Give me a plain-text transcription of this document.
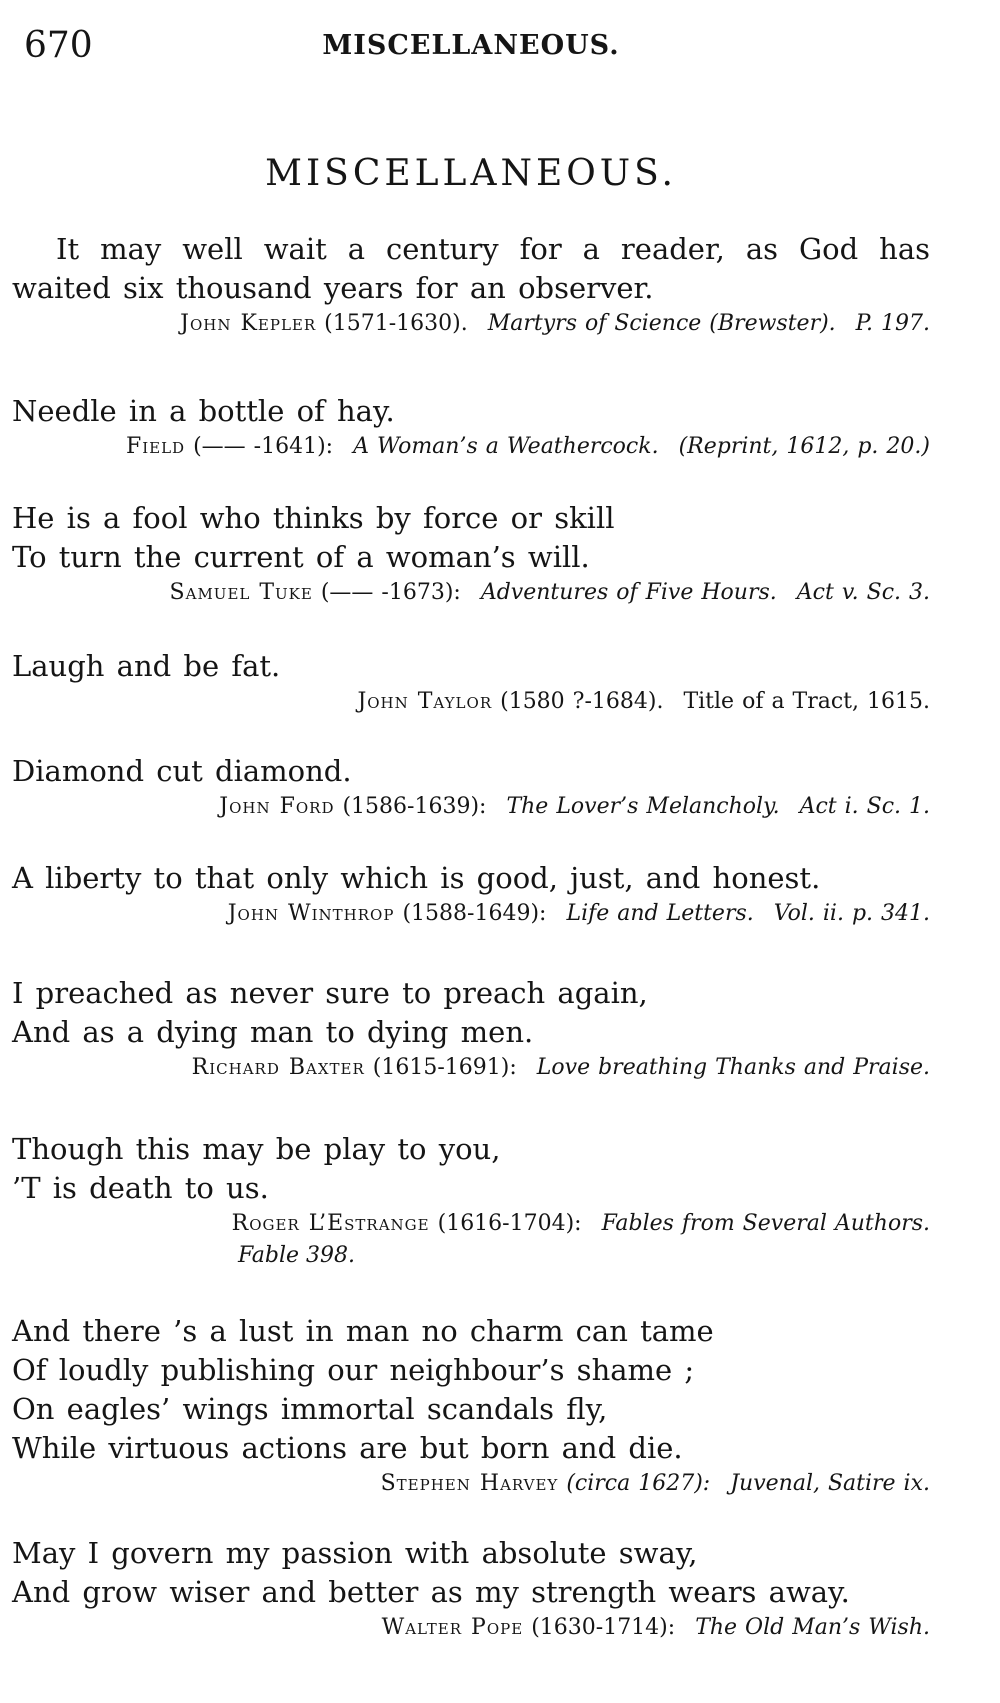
670	MISCELLANEOUS.
MISCELLANEOUS.
It may well wait a century for a reader, as God has
waited six thousand years for an observer.
John Kepler (1571-1630). Martyrs of Science (Brewster). P. 197.
Needle in a bottle of hay.
Field (—— -1641): A Woman’s a Weathercock. (Reprint, 1612, p. 20.)
He is a fool who thinks by force or skill
To turn the current of a woman’s will.
Samuel Tuke (—— -1673): Adventures of Five Hours. Act v. Sc. 3.
Laugh and be fat.
John Taylor (1580 ?-1684). Title of a Tract, 1615.
Diamond cut diamond.
John Ford (1586-1639): The Lover’s Melancholy. Act i. Sc. 1.
A liberty to that only which is good, just, and honest.
John Winthrop (1588-1649): Life and Letters. Vol. ii. p. 341.
I preached as never sure to preach again,
And as a dying man to dying men.
Richard Baxter (1615-1691): Love breathing Thanks and Praise.
Though this may be play to you,
’T is death to us.
Roger L’Estrange (1616-1704): Fables from Several Authors.
Fable 398.
And there ’s a lust in man no charm can tame
Of loudly publishing our neighbour’s shame ;
On eagles’ wings immortal scandals fly,
While virtuous actions are but born and die.
Stephen Harvey (circa 1627): Juvenal, Satire ix.
May I govern my passion with absolute sway,
And grow wiser and better as my strength wears away.
Walter Pope (1630-1714): The Old Man’s Wish.
